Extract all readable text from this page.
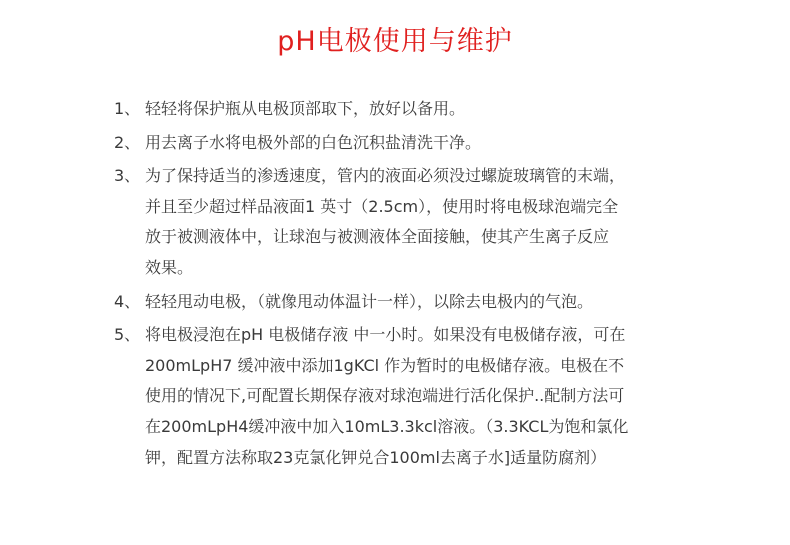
pH电极使用与维护
1、 轻轻将保护瓶从电极顶部取下，放好以备用。
2、 用去离子水将电极外部的白色沉积盐清洗干净。
3、 为了保持适当的渗透速度，管内的液面必须没过螺旋玻璃管的末端，
并且至少超过样品液面1 英寸（2.5cm），使用时将电极球泡端完全
放于被测液体中，让球泡与被测液体全面接触，使其产生离子反应
效果。
4、 轻轻甩动电极，（就像甩动体温计一样），以除去电极内的气泡。
5、 将电极浸泡在pH 电极储存液 中一小时。如果没有电极储存液，可在
200mLpH7 缓冲液中添加1gKCl 作为暂时的电极储存液。电极在不
使用的情况下,可配置长期保存液对球泡端进行活化保护..配制方法可
在200mLpH4缓冲液中加入10mL3.3kcl溶液。（3.3KCL为饱和氯化
钾，配置方法称取23克氯化钾兑合100ml去离子水]适量防腐剂）
